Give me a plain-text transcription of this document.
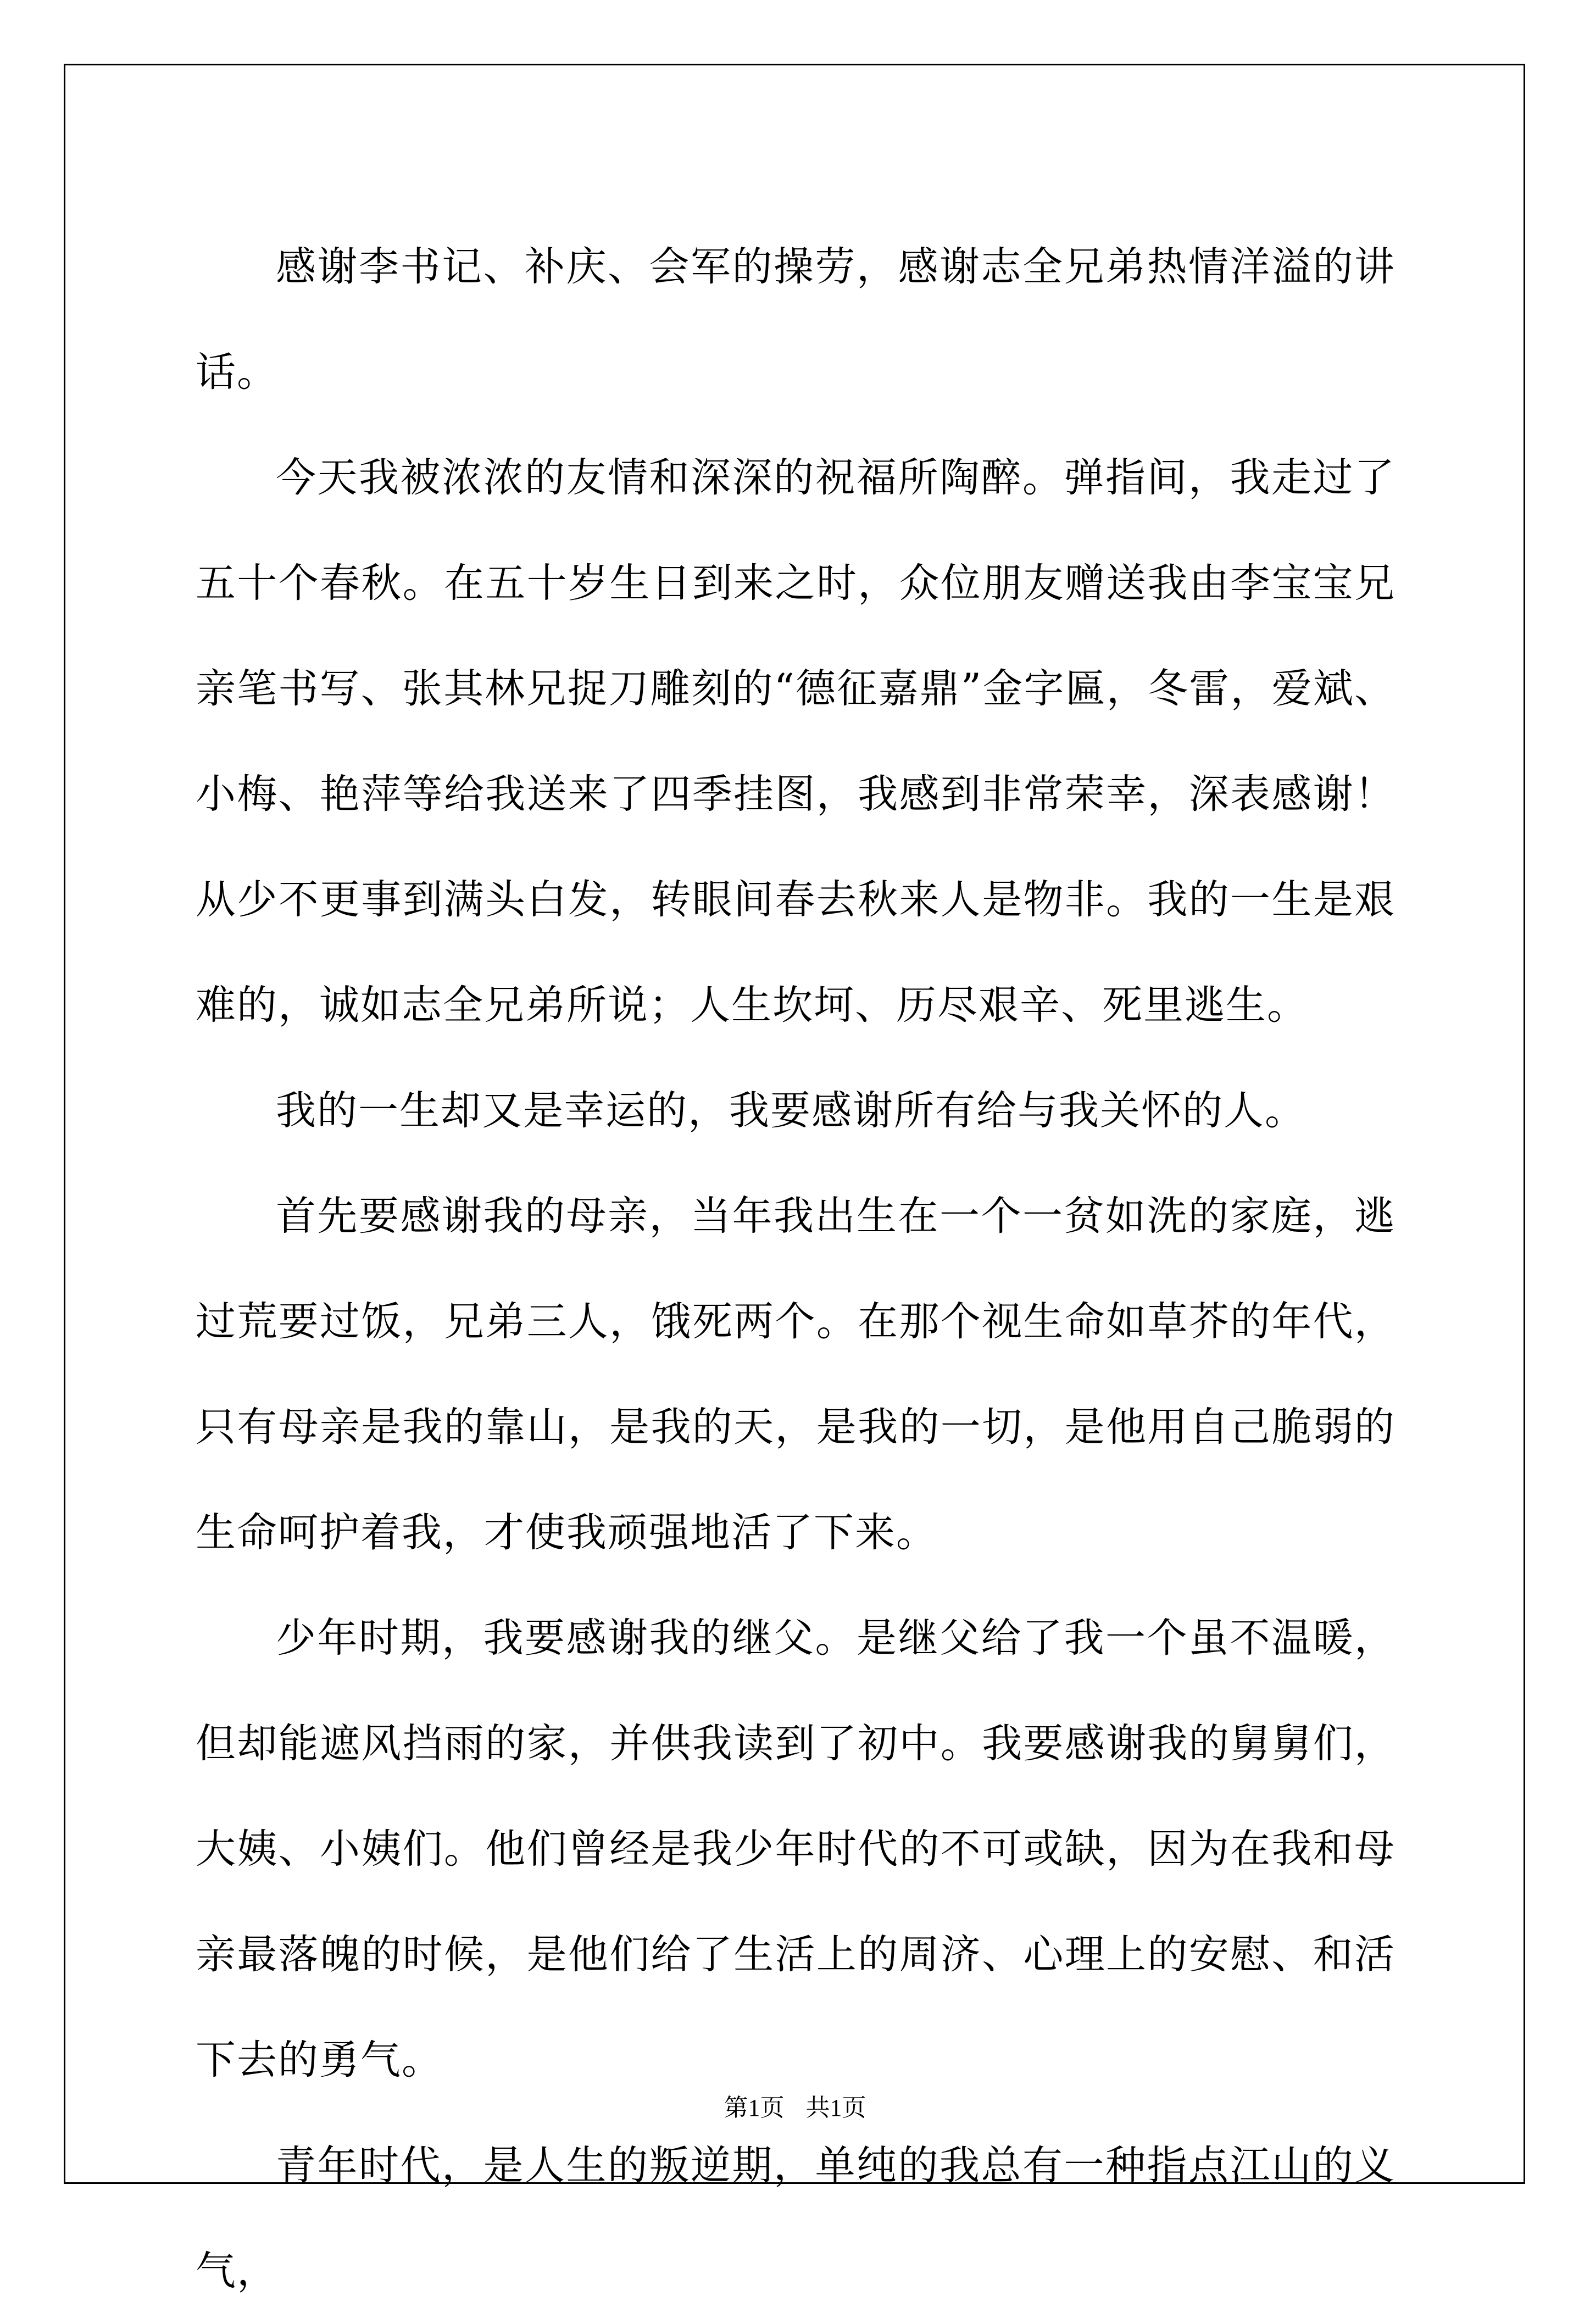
感谢李书记、补庆、会军的操劳，感谢志全兄弟热情洋溢的讲话。

今天我被浓浓的友情和深深的祝福所陶醉。弹指间，我走过了五十个春秋。在五十岁生日到来之时，众位朋友赠送我由李宝宝兄亲笔书写、张其林兄捉刀雕刻的“德征嘉鼎”金字匾，冬雷，爱斌、小梅、艳萍等给我送来了四季挂图，我感到非常荣幸，深表感谢！ 从少不更事到满头白发，转眼间春去秋来人是物非。我的一生是艰难的，诚如志全兄弟所说；人生坎坷、历尽艰辛、死里逃生。

我的一生却又是幸运的，我要感谢所有给与我关怀的人。

首先要感谢我的母亲，当年我出生在一个一贫如洗的家庭，逃过荒要过饭，兄弟三人，饿死两个。在那个视生命如草芥的年代，只有母亲是我的靠山，是我的天，是我的一切，是他用自己脆弱的生命呵护着我，才使我顽强地活了下来。

少年时期，我要感谢我的继父。是继父给了我一个虽不温暖，但却能遮风挡雨的家，并供我读到了初中。我要感谢我的舅舅们，大姨、小姨们。他们曾经是我少年时代的不可或缺，因为在我和母亲最落魄的时候，是他们给了生活上的周济、心理上的安慰、和活下去的勇气。

青年时代，是人生的叛逆期，单纯的我总有一种指点江山的义气，

第1页 共1页
